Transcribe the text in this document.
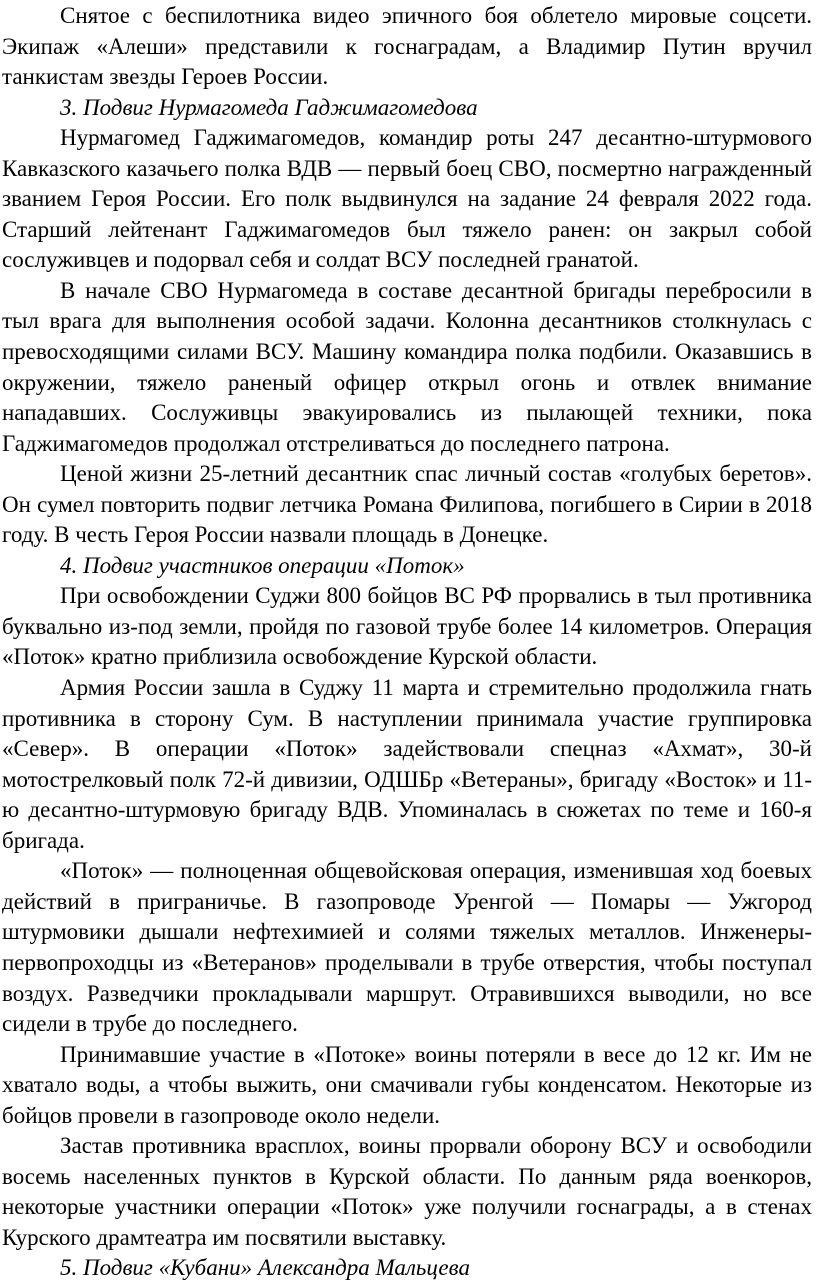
Снятое с беспилотника видео эпичного боя облетело мировые соцсети. Экипаж «Алеши» представили к госнаградам, а Владимир Путин вручил танкистам звезды Героев России.

3. Подвиг Нурмагомеда Гаджимагомедова

Нурмагомед Гаджимагомедов, командир роты 247 десантно-штурмового Кавказского казачьего полка ВДВ — первый боец СВО, посмертно награжденный званием Героя России. Его полк выдвинулся на задание 24 февраля 2022 года. Старший лейтенант Гаджимагомедов был тяжело ранен: он закрыл собой сослуживцев и подорвал себя и солдат ВСУ последней гранатой.

В начале СВО Нурмагомеда в составе десантной бригады перебросили в тыл врага для выполнения особой задачи. Колонна десантников столкнулась с превосходящими силами ВСУ. Машину командира полка подбили. Оказавшись в окружении, тяжело раненый офицер открыл огонь и отвлек внимание нападавших. Сослуживцы эвакуировались из пылающей техники, пока Гаджимагомедов продолжал отстреливаться до последнего патрона.

Ценой жизни 25-летний десантник спас личный состав «голубых беретов». Он сумел повторить подвиг летчика Романа Филипова, погибшего в Сирии в 2018 году. В честь Героя России назвали площадь в Донецке.

4. Подвиг участников операции «Поток»

При освобождении Суджи 800 бойцов ВС РФ прорвались в тыл противника буквально из-под земли, пройдя по газовой трубе более 14 километров. Операция «Поток» кратно приблизила освобождение Курской области.

Армия России зашла в Суджу 11 марта и стремительно продолжила гнать противника в сторону Сум. В наступлении принимала участие группировка «Север». В операции «Поток» задействовали спецназ «Ахмат», 30-й мотострелковый полк 72-й дивизии, ОДШБр «Ветераны», бригаду «Восток» и 11-ю десантно-штурмовую бригаду ВДВ. Упоминалась в сюжетах по теме и 160-я бригада.

«Поток» — полноценная общевойсковая операция, изменившая ход боевых действий в приграничье. В газопроводе Уренгой — Помары — Ужгород штурмовики дышали нефтехимией и солями тяжелых металлов. Инженеры-первопроходцы из «Ветеранов» проделывали в трубе отверстия, чтобы поступал воздух. Разведчики прокладывали маршрут. Отравившихся выводили, но все сидели в трубе до последнего.

Принимавшие участие в «Потоке» воины потеряли в весе до 12 кг. Им не хватало воды, а чтобы выжить, они смачивали губы конденсатом. Некоторые из бойцов провели в газопроводе около недели.

Застав противника врасплох, воины прорвали оборону ВСУ и освободили восемь населенных пунктов в Курской области. По данным ряда военкоров, некоторые участники операции «Поток» уже получили госнаграды, а в стенах Курского драмтеатра им посвятили выставку.

5. Подвиг «Кубани» Александра Мальцева
